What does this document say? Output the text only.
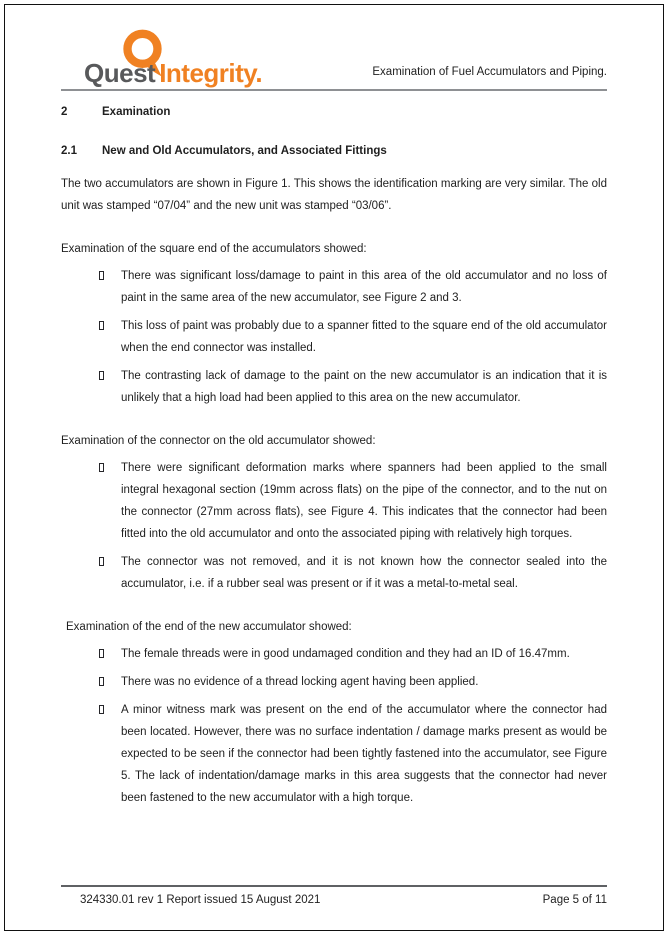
Quest Integrity.	Examination of Fuel Accumulators and Piping.
2	Examination
2.1 New and Old Accumulators, and Associated Fittings

The two accumulators are shown in Figure 1. This shows the identification marking are very similar. The old unit was stamped “07/04” and the new unit was stamped “03/06”.

Examination of the square end of the accumulators showed:

There was significant loss/damage to paint in this area of the old accumulator and no loss of paint in the same area of the new accumulator, see Figure 2 and 3.
This loss of paint was probably due to a spanner fitted to the square end of the old accumulator when the end connector was installed.
The contrasting lack of damage to the paint on the new accumulator is an indication that it is unlikely that a high load had been applied to this area on the new accumulator.

Examination of the connector on the old accumulator showed:

There were significant deformation marks where spanners had been applied to the small integral hexagonal section (19mm across flats) on the pipe of the connector, and to the nut on the connector (27mm across flats), see Figure 4. This indicates that the connector had been fitted into the old accumulator and onto the associated piping with relatively high torques.
The connector was not removed, and it is not known how the connector sealed into the accumulator, i.e. if a rubber seal was present or if it was a metal-to-metal seal.

Examination of the end of the new accumulator showed:

The female threads were in good undamaged condition and they had an ID of 16.47mm.
There was no evidence of a thread locking agent having been applied.
A minor witness mark was present on the end of the accumulator where the connector had been located. However, there was no surface indentation / damage marks present as would be expected to be seen if the connector had been tightly fastened into the accumulator, see Figure 5. The lack of indentation/damage marks in this area suggests that the connector had never been fastened to the new accumulator with a high torque.
324330.01 rev 1 Report issued 15 August 2021	Page 5 of 11
